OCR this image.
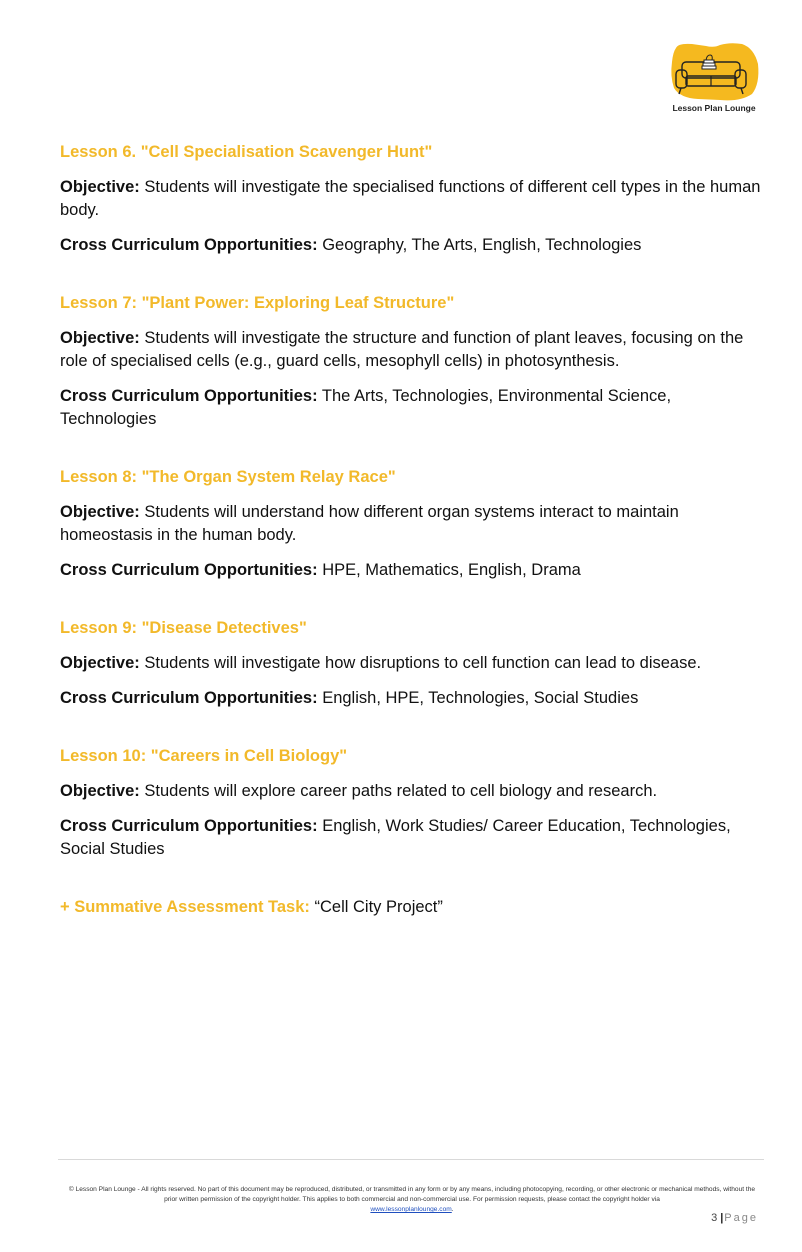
Lesson Plan Lounge
Lesson 6. "Cell Specialisation Scavenger Hunt"

Objective: Students will investigate the specialised functions of different cell types in the human body.

Cross Curriculum Opportunities: Geography, The Arts, English, Technologies

Lesson 7: "Plant Power: Exploring Leaf Structure"

Objective: Students will investigate the structure and function of plant leaves, focusing on the role of specialised cells (e.g., guard cells, mesophyll cells) in photosynthesis.

Cross Curriculum Opportunities: The Arts, Technologies, Environmental Science, Technologies

Lesson 8: "The Organ System Relay Race"

Objective: Students will understand how different organ systems interact to maintain homeostasis in the human body.

Cross Curriculum Opportunities: HPE, Mathematics, English, Drama

Lesson 9: "Disease Detectives"

Objective: Students will investigate how disruptions to cell function can lead to disease.

Cross Curriculum Opportunities: English, HPE, Technologies, Social Studies

Lesson 10: "Careers in Cell Biology"

Objective: Students will explore career paths related to cell biology and research.

Cross Curriculum Opportunities: English, Work Studies/ Career Education, Technologies, Social Studies

+ Summative Assessment Task: “Cell City Project”
© Lesson Plan Lounge - All rights reserved. No part of this document may be reproduced, distributed, or transmitted in any form or by any means, including photocopying, recording, or other electronic or mechanical methods, without the prior written permission of the copyright holder. This applies to both commercial and non-commercial use. For permission requests, please contact the copyright holder via
www.lessonplanlounge.com.
3|Page
